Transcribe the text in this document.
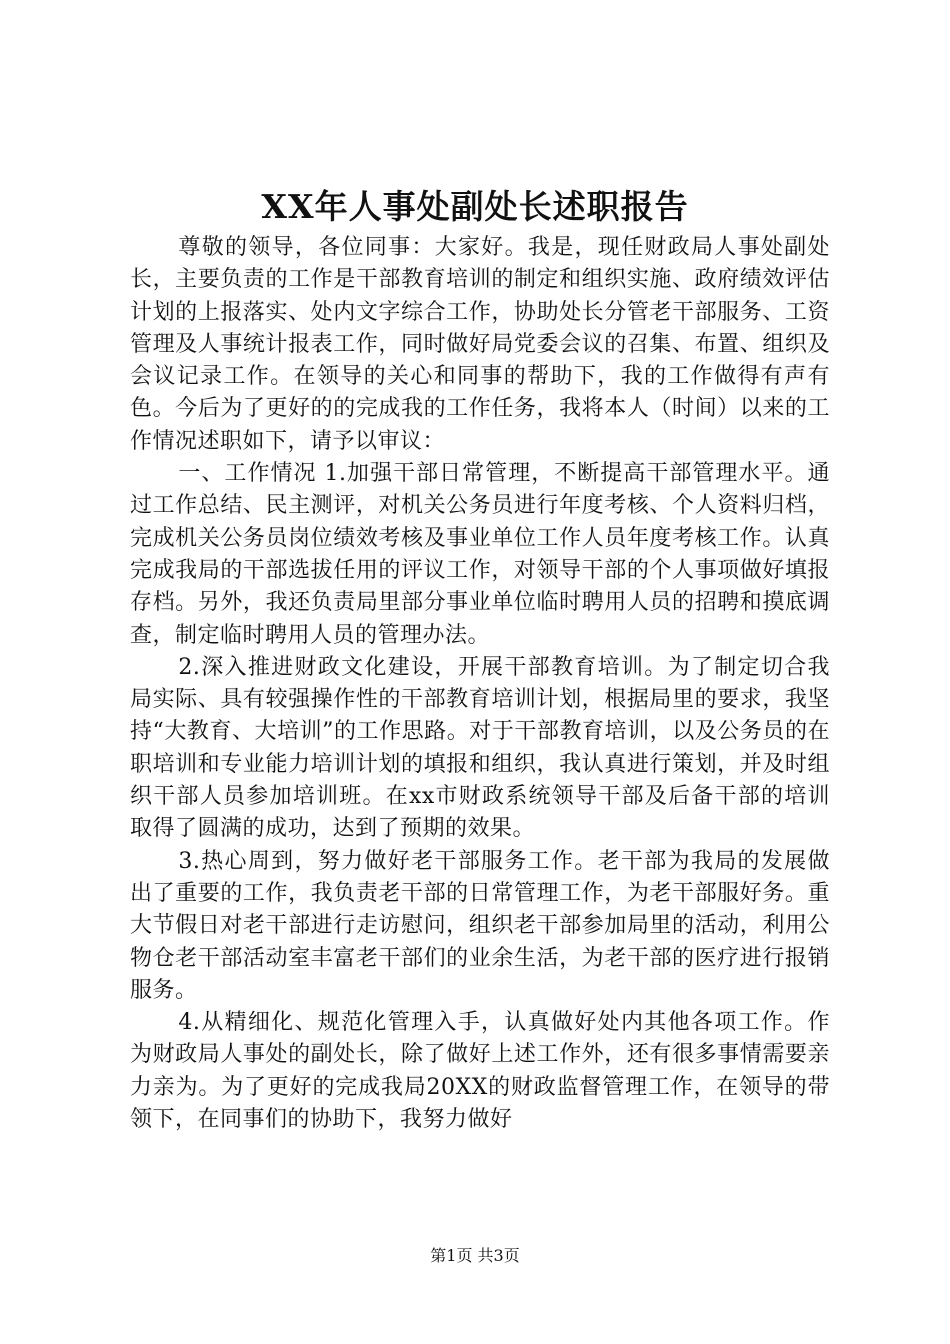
XX年人事处副处长述职报告

尊敬的领导，各位同事：大家好。我是，现任财政局人事处副处长，主要负责的工作是干部教育培训的制定和组织实施、政府绩效评估计划的上报落实、处内文字综合工作，协助处长分管老干部服务、工资管理及人事统计报表工作，同时做好局党委会议的召集、布置、组织及会议记录工作。在领导的关心和同事的帮助下，我的工作做得有声有色。今后为了更好的的完成我的工作任务，我将本人（时间）以来的工作情况述职如下，请予以审议：

一、工作情况 1.加强干部日常管理，不断提高干部管理水平。通过工作总结、民主测评，对机关公务员进行年度考核、个人资料归档，完成机关公务员岗位绩效考核及事业单位工作人员年度考核工作。认真完成我局的干部选拔任用的评议工作，对领导干部的个人事项做好填报存档。另外，我还负责局里部分事业单位临时聘用人员的招聘和摸底调查，制定临时聘用人员的管理办法。

2.深入推进财政文化建设，开展干部教育培训。为了制定切合我局实际、具有较强操作性的干部教育培训计划，根据局里的要求，我坚持“大教育、大培训”的工作思路。对于干部教育培训，以及公务员的在职培训和专业能力培训计划的填报和组织，我认真进行策划，并及时组织干部人员参加培训班。在xx市财政系统领导干部及后备干部的培训取得了圆满的成功，达到了预期的效果。

3.热心周到，努力做好老干部服务工作。老干部为我局的发展做出了重要的工作，我负责老干部的日常管理工作，为老干部服好务。重大节假日对老干部进行走访慰问，组织老干部参加局里的活动，利用公物仓老干部活动室丰富老干部们的业余生活，为老干部的医疗进行报销服务。

4.从精细化、规范化管理入手，认真做好处内其他各项工作。作为财政局人事处的副处长，除了做好上述工作外，还有很多事情需要亲力亲为。为了更好的完成我局20XX的财政监督管理工作，在领导的带领下，在同事们的协助下，我努力做好

第1页 共3页
